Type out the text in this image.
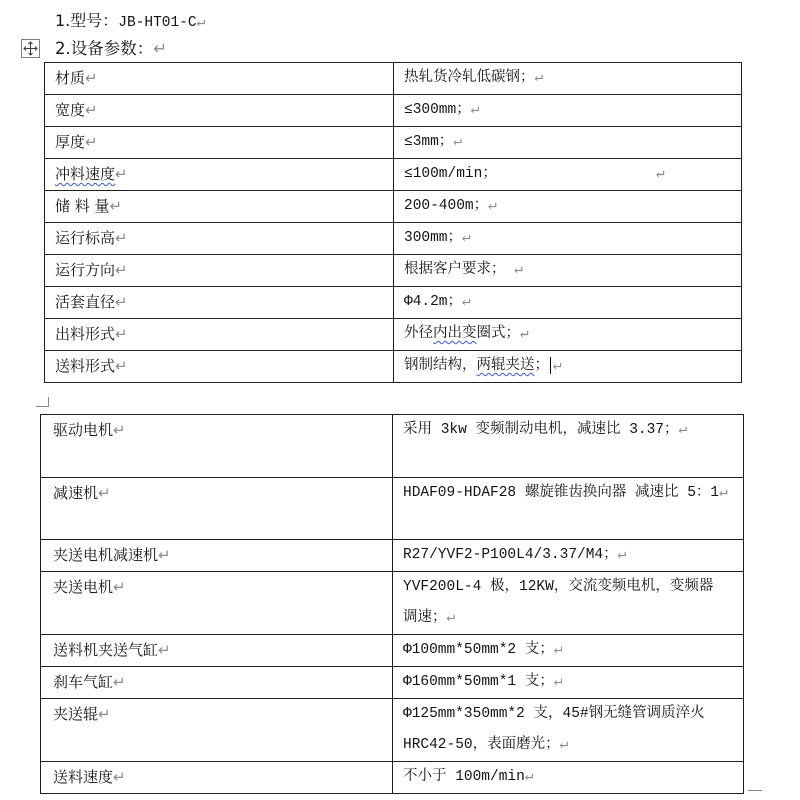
1.型号：JB-HT01-C↵
2.设备参数：↵
材质↵	热轧货冷轧低碳钢；↵
宽度↵	≤300mm；↵
厚度↵	≤3mm；↵
冲料速度↵	≤100m/min； ↵

储 料 量↵	200-400m；↵
运行标高↵	300mm；↵
运行方向↵	根据客户要求； ↵
活套直径↵	Φ4.2m；↵
出料形式↵	外径内出变圈式；↵
送料形式↵	钢制结构，两辊夹送； ↵
驱动电机↵	采用 3kw 变频制动电机，减速比 3.37；↵

减速机↵	HDAF09-HDAF28 螺旋锥齿换向器 减速比 5：1↵

夹送电机减速机↵	R27/YVF2-P100L4/3.37/M4；↵

夹送电机↵	YVF200L-4 极，12KW，交流变频电机，变频器
调速；↵

送料机夹送气缸↵	Φ100mm*50mm*2 支；↵

刹车气缸↵	Φ160mm*50mm*1 支；↵

夹送辊↵	Φ125mm*350mm*2 支，45#钢无缝管调质淬火
HRC42-50，表面磨光；↵

送料速度↵	不小于 100m/min↵
